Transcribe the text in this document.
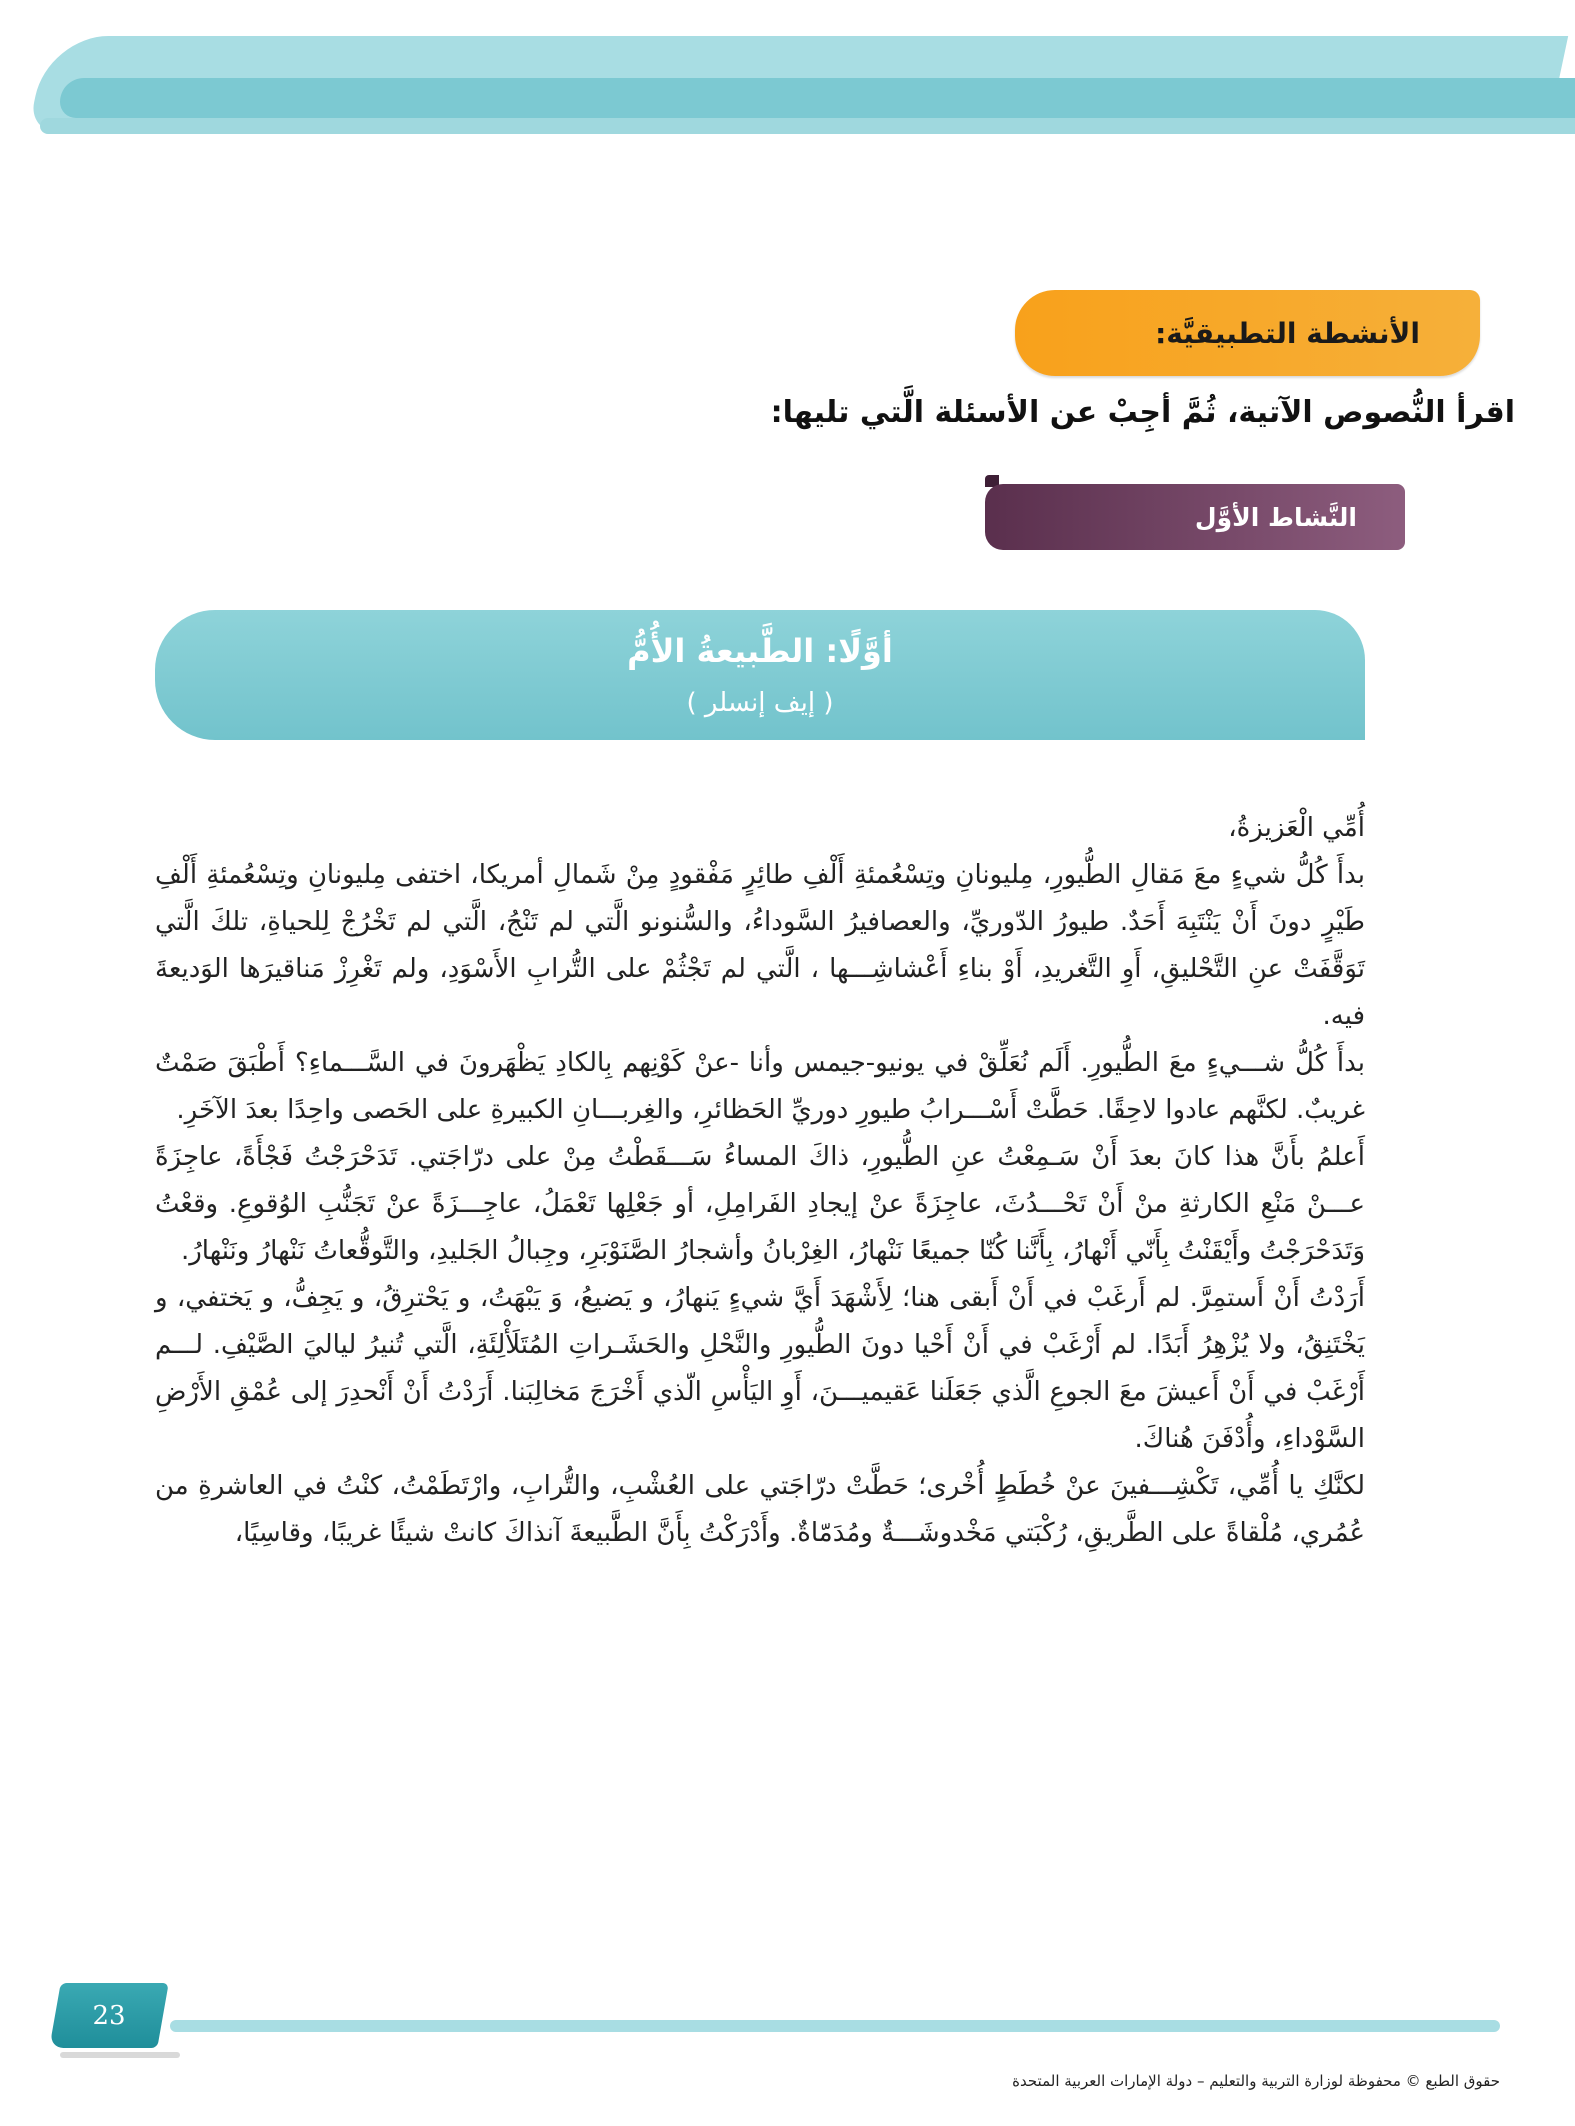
الأنشطة التطبيقيَّة:
اقرأ النُّصوص الآتية، ثُمَّ أجِبْ عن الأسئلة الَّتي تليها:
النَّشاط الأوَّل
أوَّلًا: الطَّبيعةُ الأُمُّ
( إيف إنسلر )

أُمِّي الْعَزيزةُ،

بدأَ كُلُّ شيءٍ معَ مَقالِ الطُّيورِ، مِليونانِ وتِسْعُمئةِ أَلْفِ طائِرٍ مَفْقودٍ مِنْ شَمالِ أمريكا، اختفى مِليونانِ وتِسْعُمئةِ أَلْفِ طَيْرٍ دونَ أَنْ يَنْتَبِهَ أَحَدٌ. طيورُ الدّوريِّ، والعصافيرُ السَّوداءُ، والسُّنونو الَّتي لم تَنْجُ، الَّتي لم تَخْرُجْ لِلحياةِ، تلكَ الَّتي تَوَقَّفَتْ عنِ التَّحْليقِ، أَوِ التَّغريدِ، أَوْ بناءِ أَعْشاشِـــها ، الَّتي لم تَجْثُمْ على التُّرابِ الأَسْوَدِ، ولم تَغْرِزْ مَناقيرَها الوَديعةَ فيه.

بدأَ كُلُّ شـــيءٍ معَ الطُّيورِ. أَلَم نُعَلِّقْ في يونيو-جيمس وأنا -عنْ كَوْنِهم بِالكادِ يَظْهَرونَ في السَّـــماءِ؟ أَطْبَقَ صَمْتٌ غريبٌ. لكنَّهم عادوا لاحِقًا. حَطَّتْ أَسْـــرابُ طيورِ دوريِّ الحَظائرِ، والغِربـــانِ الكبيرةِ على الحَصى واحِدًا بعدَ الآخَرِ.

أَعلمُ بأَنَّ هذا كانَ بعدَ أَنْ سَـمِعْتُ عنِ الطُّيورِ، ذاكَ المساءُ سَـــقَطْتُ مِنْ على درّاجَتي. تَدَحْرَجْتُ فَجْأَةً، عاجِزَةً عـــنْ مَنْعِ الكارثةِ منْ أَنْ تَحْـــدُثَ، عاجِزَةً عنْ إيجادِ الفَرامِلِ، أو جَعْلِها تَعْمَلُ، عاجِـــزَةً عنْ تَجَنُّبِ الوُقوعِ. وقعْتُ وَتَدَحْرَجْتُ وأَيْقَنْتُ بِأَنّي أَنْهارُ، بِأَنَّنا كُنّا جميعًا نَنْهارُ، الغِرْبانُ وأشجارُ الصَّنَوْبَرِ، وجِبالُ الجَليدِ، والتَّوقُّعاتُ نَنْهارُ ونَنْهارُ.

أَرَدْتُ أَنْ أَستمِرَّ. لم أَرغَبْ في أَنْ أَبقى هنا؛ لِأَشْهَدَ أَيَّ شيءٍ يَنهارُ، و يَضيعُ، وَ يَبْهَتُ، و يَحْترِقُ، و يَجِفُّ، و يَختفي، و يَخْتَنِقُ، ولا يُزْهِرُ أَبَدًا. لم أَرْغَبْ في أَنْ أَحْيا دونَ الطُّيورِ والنَّحْلِ والحَشَـراتِ المُتَلَأْلِئَةِ، الَّتي تُنيرُ لياليَ الصَّيْفِ. لـــم أَرْغَبْ في أَنْ أَعيشَ معَ الجوعِ الَّذي جَعَلَنا عَقيميـــنَ، أَوِ اليَأْسِ الّذي أَخْرَجَ مَخالِبَنا. أَرَدْتُ أَنْ أَنْحدِرَ إلى عُمْقِ الأَرْضِ السَّوْداءِ، وأُدْفَنَ هُناكَ.

لكنَّكِ يا أُمِّي، تَكْشِـــفينَ عنْ خُطَطٍ أُخْرى؛ حَطَّتْ درّاجَتي على العُشْبِ، والتُّرابِ، وارْتَطَمْتُ، كنْتُ في العاشرةِ من عُمُري، مُلْقاةً على الطَّريقِ، رُكْبَتي مَخْدوشَـــةٌ ومُدَمّاةٌ. وأَدْرَكْتُ بِأَنَّ الطَّبيعةَ آنذاكَ كانتْ شيئًا غريبًا، وقاسِيًا،

23
حقوق الطبع © محفوظة لوزارة التربية والتعليم – دولة الإمارات العربية المتحدة
